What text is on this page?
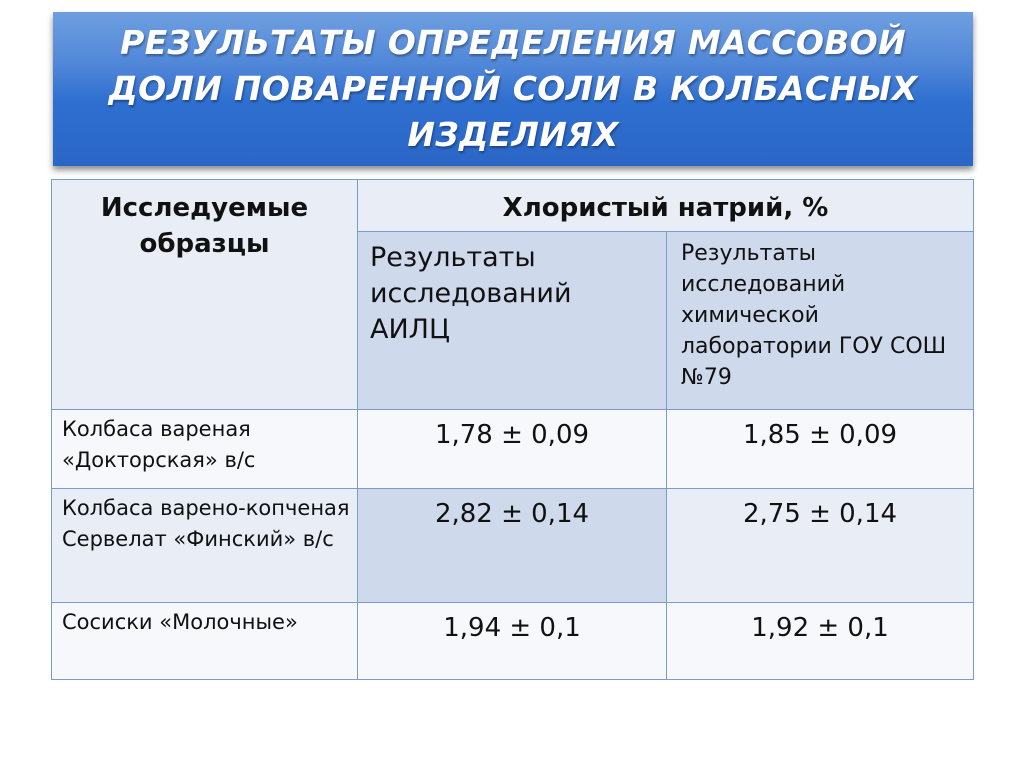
РЕЗУЛЬТАТЫ ОПРЕДЕЛЕНИЯ МАССОВОЙ ДОЛИ ПОВАРЕННОЙ СОЛИ В КОЛБАСНЫХ ИЗДЕЛИЯХ
Исследуемые образцы	Хлористый натрий, %	
	Результаты исследований АИЛЦ	Результаты исследований химической лаборатории ГОУ СОШ №79
Колбаса вареная «Докторская» в/с	1,78 ± 0,09	1,85 ± 0,09
Колбаса варено-копченая Сервелат «Финский» в/с	2,82 ± 0,14	2,75 ± 0,14
Сосиски «Молочные»	1,94 ± 0,1	1,92 ± 0,1
